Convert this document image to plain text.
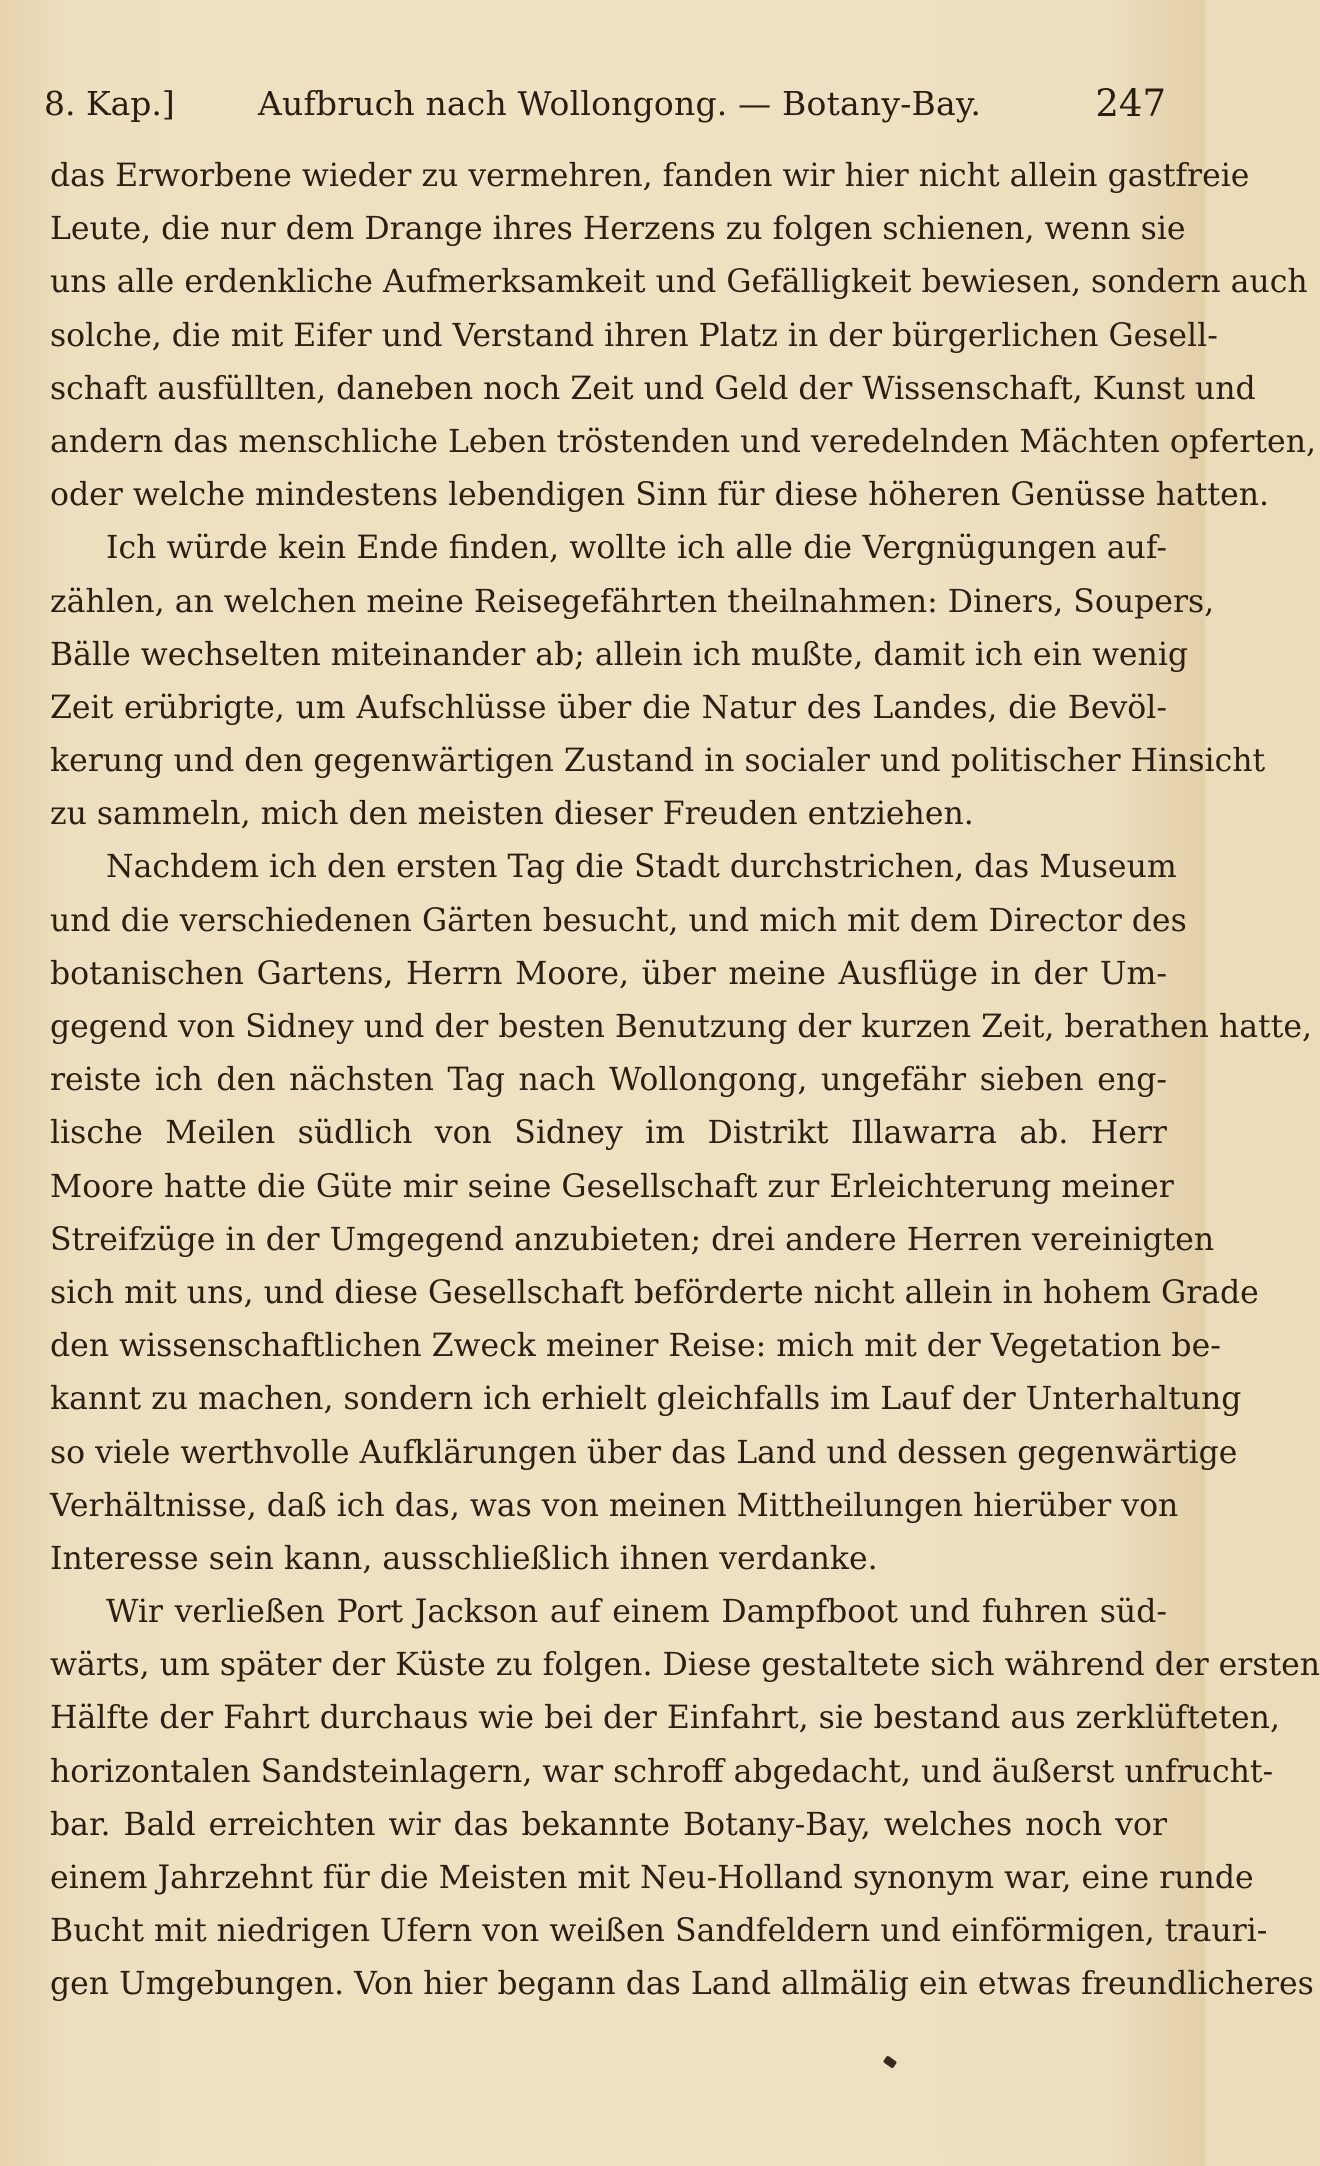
8. Kap.]	Aufbruch nach Wollongong. — Botany-Bay.	247
das Erworbene wieder zu vermehren, fanden wir hier nicht allein gastfreie
Leute, die nur dem Drange ihres Herzens zu folgen schienen, wenn sie
uns alle erdenkliche Aufmerksamkeit und Gefälligkeit bewiesen, sondern auch
solche, die mit Eifer und Verstand ihren Platz in der bürgerlichen Gesell-
schaft ausfüllten, daneben noch Zeit und Geld der Wissenschaft, Kunst und
andern das menschliche Leben tröstenden und veredelnden Mächten opferten,
oder welche mindestens lebendigen Sinn für diese höheren Genüsse hatten.
Ich würde kein Ende finden, wollte ich alle die Vergnügungen auf-
zählen, an welchen meine Reisegefährten theilnahmen: Diners, Soupers,
Bälle wechselten miteinander ab; allein ich mußte, damit ich ein wenig
Zeit erübrigte, um Aufschlüsse über die Natur des Landes, die Bevöl-
kerung und den gegenwärtigen Zustand in socialer und politischer Hinsicht
zu sammeln, mich den meisten dieser Freuden entziehen.
Nachdem ich den ersten Tag die Stadt durchstrichen, das Museum
und die verschiedenen Gärten besucht, und mich mit dem Director des
botanischen Gartens, Herrn Moore, über meine Ausflüge in der Um-
gegend von Sidney und der besten Benutzung der kurzen Zeit, berathen hatte,
reiste ich den nächsten Tag nach Wollongong, ungefähr sieben eng-
lische Meilen südlich von Sidney im Distrikt Illawarra ab. Herr
Moore hatte die Güte mir seine Gesellschaft zur Erleichterung meiner
Streifzüge in der Umgegend anzubieten; drei andere Herren vereinigten
sich mit uns, und diese Gesellschaft beförderte nicht allein in hohem Grade
den wissenschaftlichen Zweck meiner Reise: mich mit der Vegetation be-
kannt zu machen, sondern ich erhielt gleichfalls im Lauf der Unterhaltung
so viele werthvolle Aufklärungen über das Land und dessen gegenwärtige
Verhältnisse, daß ich das, was von meinen Mittheilungen hierüber von
Interesse sein kann, ausschließlich ihnen verdanke.
Wir verließen Port Jackson auf einem Dampfboot und fuhren süd-
wärts, um später der Küste zu folgen. Diese gestaltete sich während der ersten
Hälfte der Fahrt durchaus wie bei der Einfahrt, sie bestand aus zerklüfteten,
horizontalen Sandsteinlagern, war schroff abgedacht, und äußerst unfrucht-
bar. Bald erreichten wir das bekannte Botany-Bay, welches noch vor
einem Jahrzehnt für die Meisten mit Neu-Holland synonym war, eine runde
Bucht mit niedrigen Ufern von weißen Sandfeldern und einförmigen, trauri-
gen Umgebungen. Von hier begann das Land allmälig ein etwas freundlicheres
